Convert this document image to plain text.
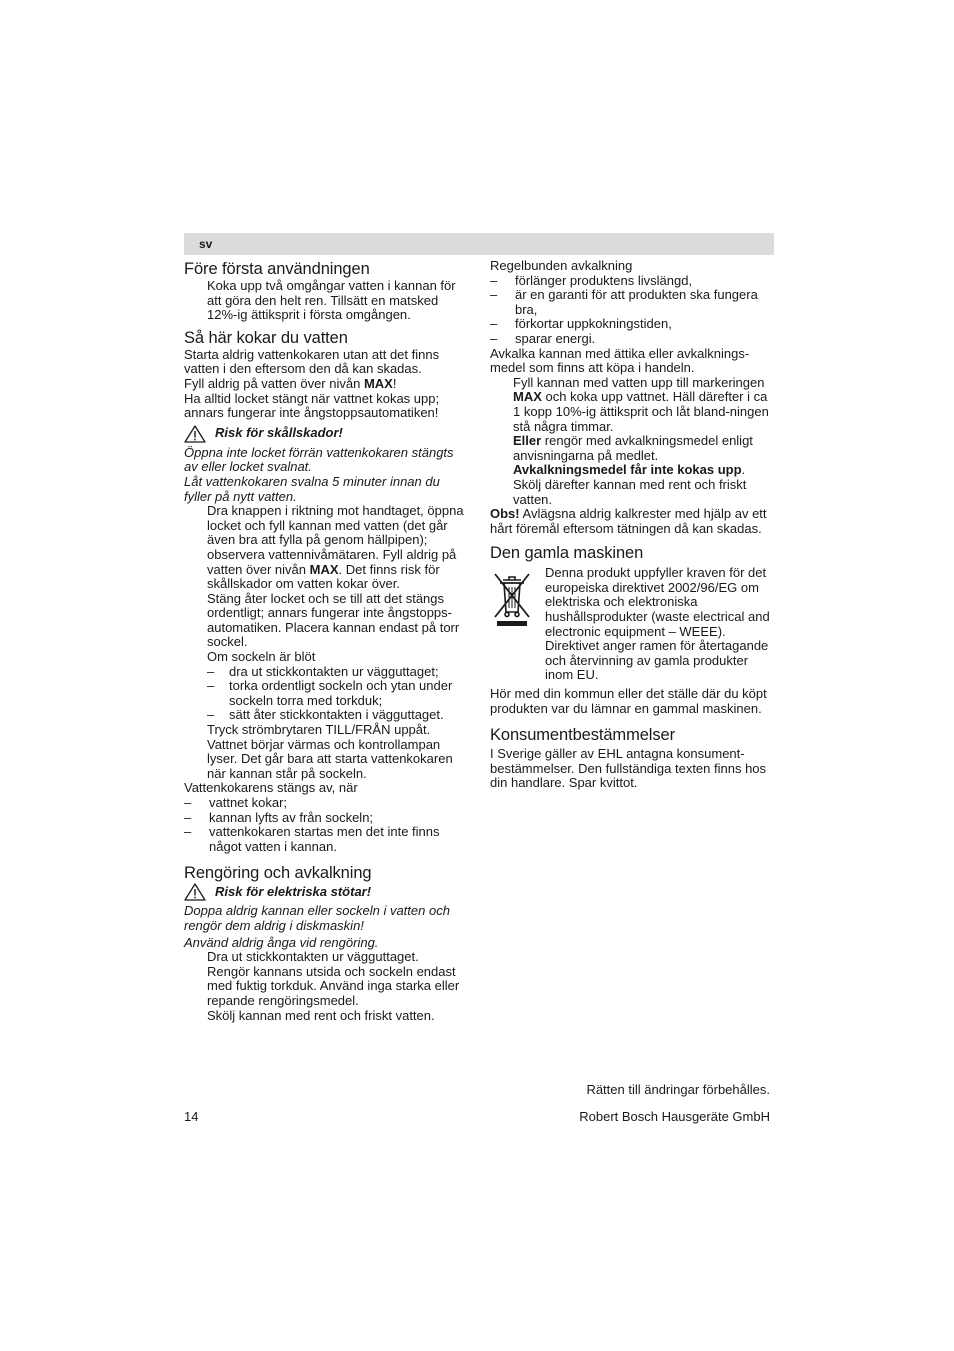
sv
Före första användningen

Koka upp två omgångar vatten i kannan för att göra den helt ren. Tillsätt en matsked 12%-ig ättiksprit i första omgången.

Så här kokar du vatten

Starta aldrig vattenkokaren utan att det finns vatten i den eftersom den då kan skadas.

Fyll aldrig på vatten över nivån MAX!

Ha alltid locket stängt när vattnet kokas upp; annars fungerar inte ångstoppsautomatiken!

Risk för skållskador!

Öppna inte locket förrän vattenkokaren stängts av eller locket svalnat.

Låt vattenkokaren svalna 5 minuter innan du fyller på nytt vatten.

Dra knappen i riktning mot handtaget, öppna locket och fyll kannan med vatten (det går även bra att fylla på genom hällpipen); observera vattennivåmätaren. Fyll aldrig på vatten över nivån MAX. Det finns risk för skållskador om vatten kokar över.

Stäng åter locket och se till att det stängs ordentligt; annars fungerar inte ångstopps-automatiken. Placera kannan endast på torr sockel.

Om sockeln är blöt

– dra ut stickkontakten ur vägguttaget;

– torka ordentligt sockeln och ytan under sockeln torra med torkduk;

– sätt åter stickkontakten i vägguttaget.

Tryck strömbrytaren TILL/FRÅN uppåt. Vattnet börjar värmas och kontrollampan lyser. Det går bara att starta vattenkokaren när kannan står på sockeln.

Vattenkokarens stängs av, när

– vattnet kokar;

– kannan lyfts av från sockeln;

– vattenkokaren startas men det inte finns något vatten i kannan.

Rengöring och avkalkning
Risk för elektriska stötar!

Doppa aldrig kannan eller sockeln i vatten och rengör dem aldrig i diskmaskin!

Använd aldrig ånga vid rengöring.

Dra ut stickkontakten ur vägguttaget.

Rengör kannans utsida och sockeln endast med fuktig torkduk. Använd inga starka eller repande rengöringsmedel.

Skölj kannan med rent och friskt vatten.

Regelbunden avkalkning

– förlänger produktens livslängd,

– är en garanti för att produkten ska fungera bra,

– förkortar uppkokningstiden,

– sparar energi.

Avkalka kannan med ättika eller avkalknings-medel som finns att köpa i handeln.

Fyll kannan med vatten upp till markeringen MAX och koka upp vattnet. Häll därefter i ca 1 kopp 10%-ig ättiksprit och låt bland-ningen stå några timmar.

Eller rengör med avkalkningsmedel enligt anvisningarna på medlet.

Avkalkningsmedel får inte kokas upp.

Skölj därefter kannan med rent och friskt vatten.

Obs! Avlägsna aldrig kalkrester med hjälp av ett hårt föremål eftersom tätningen då kan skadas.

Den gamla maskinen

Denna produkt uppfyller kraven för det europeiska direktivet 2002/96/EG om elektriska och elektroniska hushållsprodukter (waste electrical and electronic equipment – WEEE). Direktivet anger ramen för återtagande och återvinning av gamla produkter inom EU.

Hör med din kommun eller det ställe där du köpt produkten var du lämnar en gammal maskinen.

Konsumentbestämmelser

I Sverige gäller av EHL antagna konsument-bestämmelser. Den fullständiga texten finns hos din handlare. Spar kvittot.

Rätten till ändringar förbehålles.
14	Robert Bosch Hausgeräte GmbH
